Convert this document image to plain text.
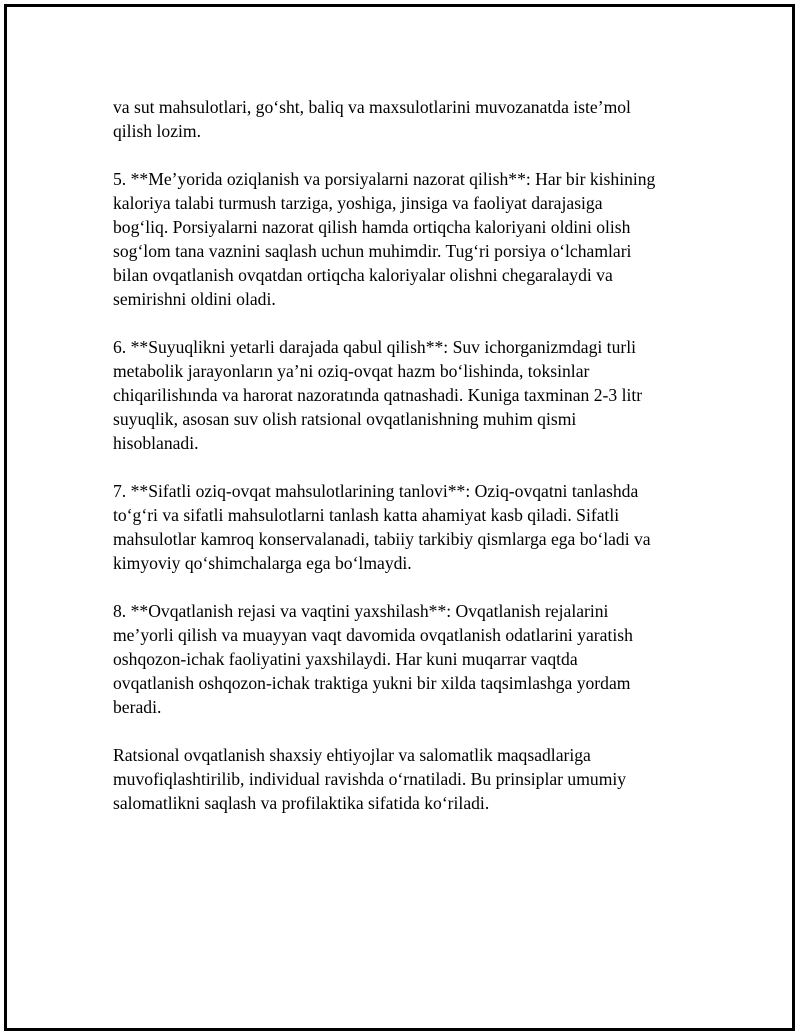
va sut mahsulotlari, goʻsht, baliq va maxsulotlarini muvozanatda isteʼmol
qilish lozim.
5. **Meʼyorida oziqlanish va porsiyalarni nazorat qilish**: Har bir kishining
kaloriya talabi turmush tarziga, yoshiga, jinsiga va faoliyat darajasiga
bogʻliq. Porsiyalarni nazorat qilish hamda ortiqcha kaloriyani oldini olish
sogʻlom tana vaznini saqlash uchun muhimdir. Tugʻri porsiya oʻlchamlari
bilan ovqatlanish ovqatdan ortiqcha kaloriyalar olishni chegaralaydi va
semirishni oldini oladi.
6. **Suyuqlikni yetarli darajada qabul qilish**: Suv ichorganizmdagi turli
metabolik jarayonların yaʼni oziq-ovqat hazm boʻlishinda, toksinlar
chiqarilishında va harorat nazoratında qatnashadi. Kuniga taxminan 2-3 litr
suyuqlik, asosan suv olish ratsional ovqatlanishning muhim qismi
hisoblanadi.
7. **Sifatli oziq-ovqat mahsulotlarining tanlovi**: Oziq-ovqatni tanlashda
toʻgʻri va sifatli mahsulotlarni tanlash katta ahamiyat kasb qiladi. Sifatli
mahsulotlar kamroq konservalanadi, tabiiy tarkibiy qismlarga ega boʻladi va
kimyoviy qoʻshimchalarga ega boʻlmaydi.
8. **Ovqatlanish rejasi va vaqtini yaxshilash**: Ovqatlanish rejalarini
meʼyorli qilish va muayyan vaqt davomida ovqatlanish odatlarini yaratish
oshqozon-ichak faoliyatini yaxshilaydi. Har kuni muqarrar vaqtda
ovqatlanish oshqozon-ichak traktiga yukni bir xilda taqsimlashga yordam
beradi.
Ratsional ovqatlanish shaxsiy ehtiyojlar va salomatlik maqsadlariga
muvofiqlashtirilib, individual ravishda oʻrnatiladi. Bu prinsiplar umumiy
salomatlikni saqlash va profilaktika sifatida koʻriladi.
